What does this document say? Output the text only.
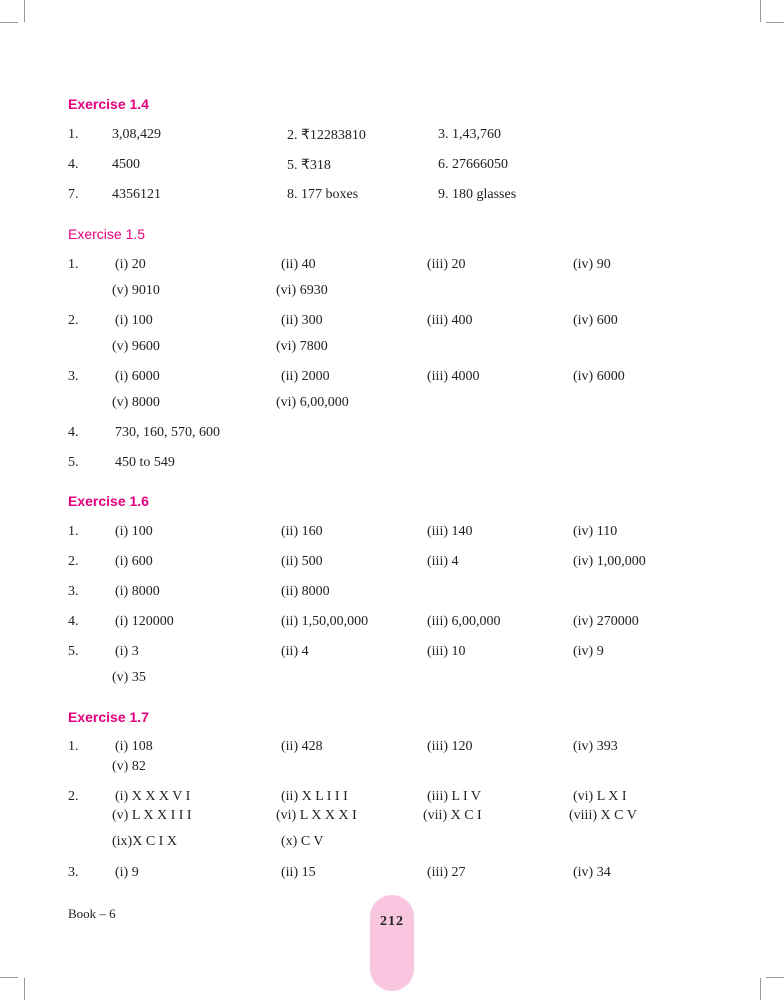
Exercise 1.4
1. 3,08,429	2. ₹12283810	3. 1,43,760
4. 4500	5. ₹318	6. 27666050
7. 4356121	8. 177 boxes	9. 180 glasses
Exercise 1.5
1.	(i) 20	(ii) 40	(iii) 20	(iv) 90
(v) 9010	(vi) 6930
2.	(i) 100	(ii) 300	(iii) 400	(iv) 600
(v) 9600	(vi) 7800
3.	(i) 6000	(ii) 2000	(iii) 4000	(iv) 6000
(v) 8000	(vi) 6,00,000
4.	730, 160, 570, 600
5.	450 to 549
Exercise 1.6
1.	(i) 100	(ii) 160	(iii) 140	(iv) 110
2.	(i) 600	(ii) 500	(iii) 4	(iv) 1,00,000
3.	(i) 8000	(ii) 8000
4.	(i) 120000	(ii) 1,50,00,000	(iii) 6,00,000	(iv) 270000
5.	(i) 3	(ii) 4	(iii) 10	(iv) 9
(v) 35
Exercise 1.7
1.	(i) 108	(ii) 428	(iii) 120	(iv) 393
(v) 82
2.	(i) X X X V I	(ii) X L I I I	(iii) L I V	(vi) L X I
(v) L X X I I I	(vi) L X X X I	(vii) X C I	(viii) X C V
(ix)X C I X	(x) C V
3.	(i) 9	(ii) 15	(iii) 27	(iv) 34
Book – 6
212
